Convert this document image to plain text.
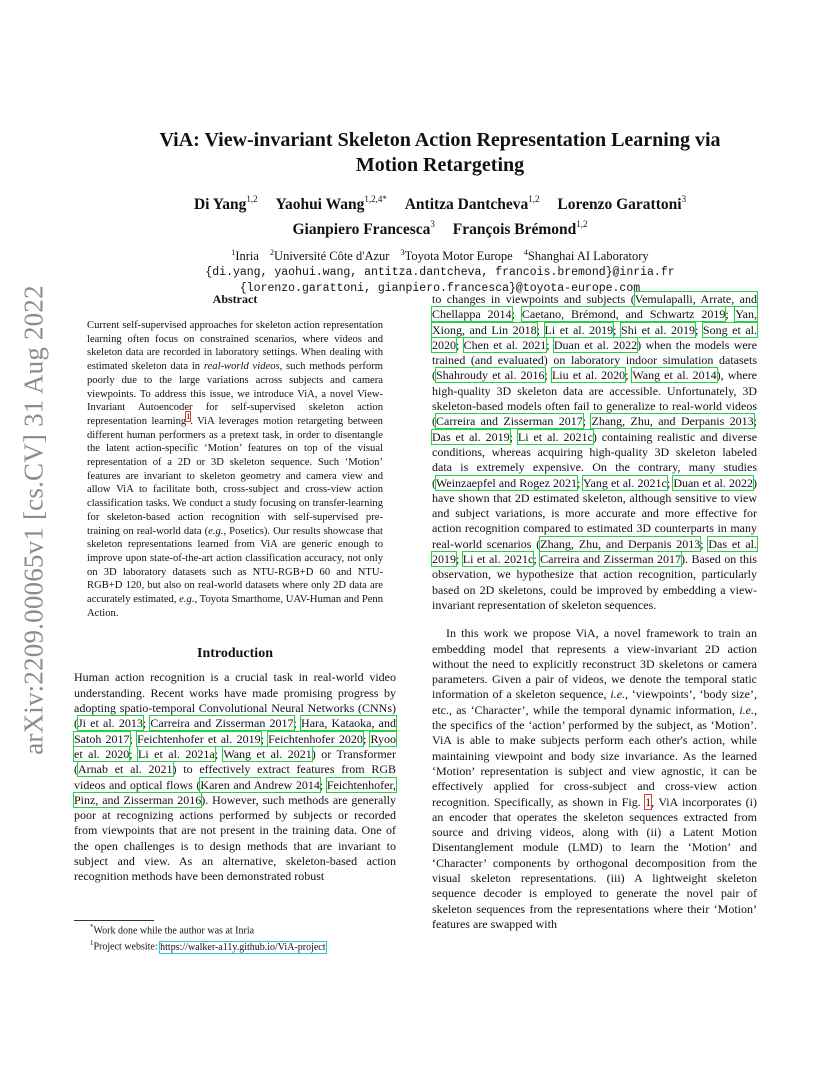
arXiv:2209.00065v1 [cs.CV] 31 Aug 2022
ViA: View-invariant Skeleton Action Representation Learning via
Motion Retargeting
Di Yang$^{1,2}$ Yaohui Wang$^{1,2,4*}$ Antitza Dantcheva$^{1,2}$ Lorenzo Garattoni$^3$
Gianpiero Francesca$^3$ François Brémond$^{1,2}$
$^1$Inria $^2$Université Côte d'Azur $^3$Toyota Motor Europe $^4$Shanghai AI Laboratory
{di.yang, yaohui.wang, antitza.dantcheva, francois.bremond}@inria.fr
{lorenzo.garattoni, gianpiero.francesca}@toyota-europe.com
Abstract

Current self-supervised approaches for skeleton action representation learning often focus on constrained scenarios, where videos and skeleton data are recorded in laboratory settings. When dealing with estimated skeleton data in real-world videos, such methods perform poorly due to the large variations across subjects and camera viewpoints. To address this issue, we introduce ViA, a novel View-Invariant Autoencoder for self-supervised skeleton action representation learning$^1$. ViA leverages motion retargeting between different human performers as a pretext task, in order to disentangle the latent action-specific ‘Motion’ features on top of the visual representation of a 2D or 3D skeleton sequence. Such ‘Motion’ features are invariant to skeleton geometry and camera view and allow ViA to facilitate both, cross-subject and cross-view action classification tasks. We conduct a study focusing on transfer-learning for skeleton-based action recognition with self-supervised pre-training on real-world data (e.g., Posetics). Our results showcase that skeleton representations learned from ViA are generic enough to improve upon state-of-the-art action classification accuracy, not only on 3D laboratory datasets such as NTU-RGB+D 60 and NTU-RGB+D 120, but also on real-world datasets where only 2D data are accurately estimated, e.g., Toyota Smarthome, UAV-Human and Penn Action.

Introduction

Human action recognition is a crucial task in real-world video understanding. Recent works have made promising progress by adopting spatio-temporal Convolutional Neural Networks (CNNs) (Ji et al. 2013; Carreira and Zisserman 2017; Hara, Kataoka, and Satoh 2017; Feichtenhofer et al. 2019; Feichtenhofer 2020; Ryoo et al. 2020; Li et al. 2021a; Wang et al. 2021) or Transformer (Arnab et al. 2021) to effectively extract features from RGB videos and optical flows (Karen and Andrew 2014; Feichtenhofer, Pinz, and Zisserman 2016). However, such methods are generally poor at recognizing actions performed by subjects or recorded from viewpoints that are not present in the training data. One of the open challenges is to design methods that are invariant to subject and view. As an alternative, skeleton-based action recognition methods have been demonstrated robust

to changes in viewpoints and subjects (Vemulapalli, Arrate, and Chellappa 2014; Caetano, Brémond, and Schwartz 2019; Yan, Xiong, and Lin 2018; Li et al. 2019; Shi et al. 2019; Song et al. 2020; Chen et al. 2021; Duan et al. 2022) when the models were trained (and evaluated) on laboratory indoor simulation datasets (Shahroudy et al. 2016; Liu et al. 2020; Wang et al. 2014), where high-quality 3D skeleton data are accessible. Unfortunately, 3D skeleton-based models often fail to generalize to real-world videos (Carreira and Zisserman 2017; Zhang, Zhu, and Derpanis 2013; Das et al. 2019; Li et al. 2021c) containing realistic and diverse conditions, whereas acquiring high-quality 3D skeleton labeled data is extremely expensive. On the contrary, many studies (Weinzaepfel and Rogez 2021; Yang et al. 2021c; Duan et al. 2022) have shown that 2D estimated skeleton, although sensitive to view and subject variations, is more accurate and more effective for action recognition compared to estimated 3D counterparts in many real-world scenarios (Zhang, Zhu, and Derpanis 2013; Das et al. 2019; Li et al. 2021c; Carreira and Zisserman 2017). Based on this observation, we hypothesize that action recognition, particularly based on 2D skeletons, could be improved by embedding a view-invariant representation of skeleton sequences.

In this work we propose ViA, a novel framework to train an embedding model that represents a view-invariant 2D action without the need to explicitly reconstruct 3D skeletons or camera parameters. Given a pair of videos, we denote the temporal static information of a skeleton sequence, i.e., ‘viewpoints’, ‘body size’, etc., as ‘Character’, while the temporal dynamic information, i.e., the specifics of the ‘action’ performed by the subject, as ‘Motion’. ViA is able to make subjects perform each other's action, while maintaining viewpoint and body size invariance. As the learned ‘Motion’ representation is subject and view agnostic, it can be effectively applied for cross-subject and cross-view action recognition. Specifically, as shown in Fig. 1, ViA incorporates (i) an encoder that operates the skeleton sequences extracted from source and driving videos, along with (ii) a Latent Motion Disentanglement module (LMD) to learn the ‘Motion’ and ‘Character’ components by orthogonal decomposition from the visual skeleton representations. (iii) A lightweight skeleton sequence decoder is employed to generate the novel pair of skeleton sequences from the representations where their ‘Motion’ features are swapped with

*Work done while the author was at Inria
$^1$Project website: https://walker-a11y.github.io/ViA-project
